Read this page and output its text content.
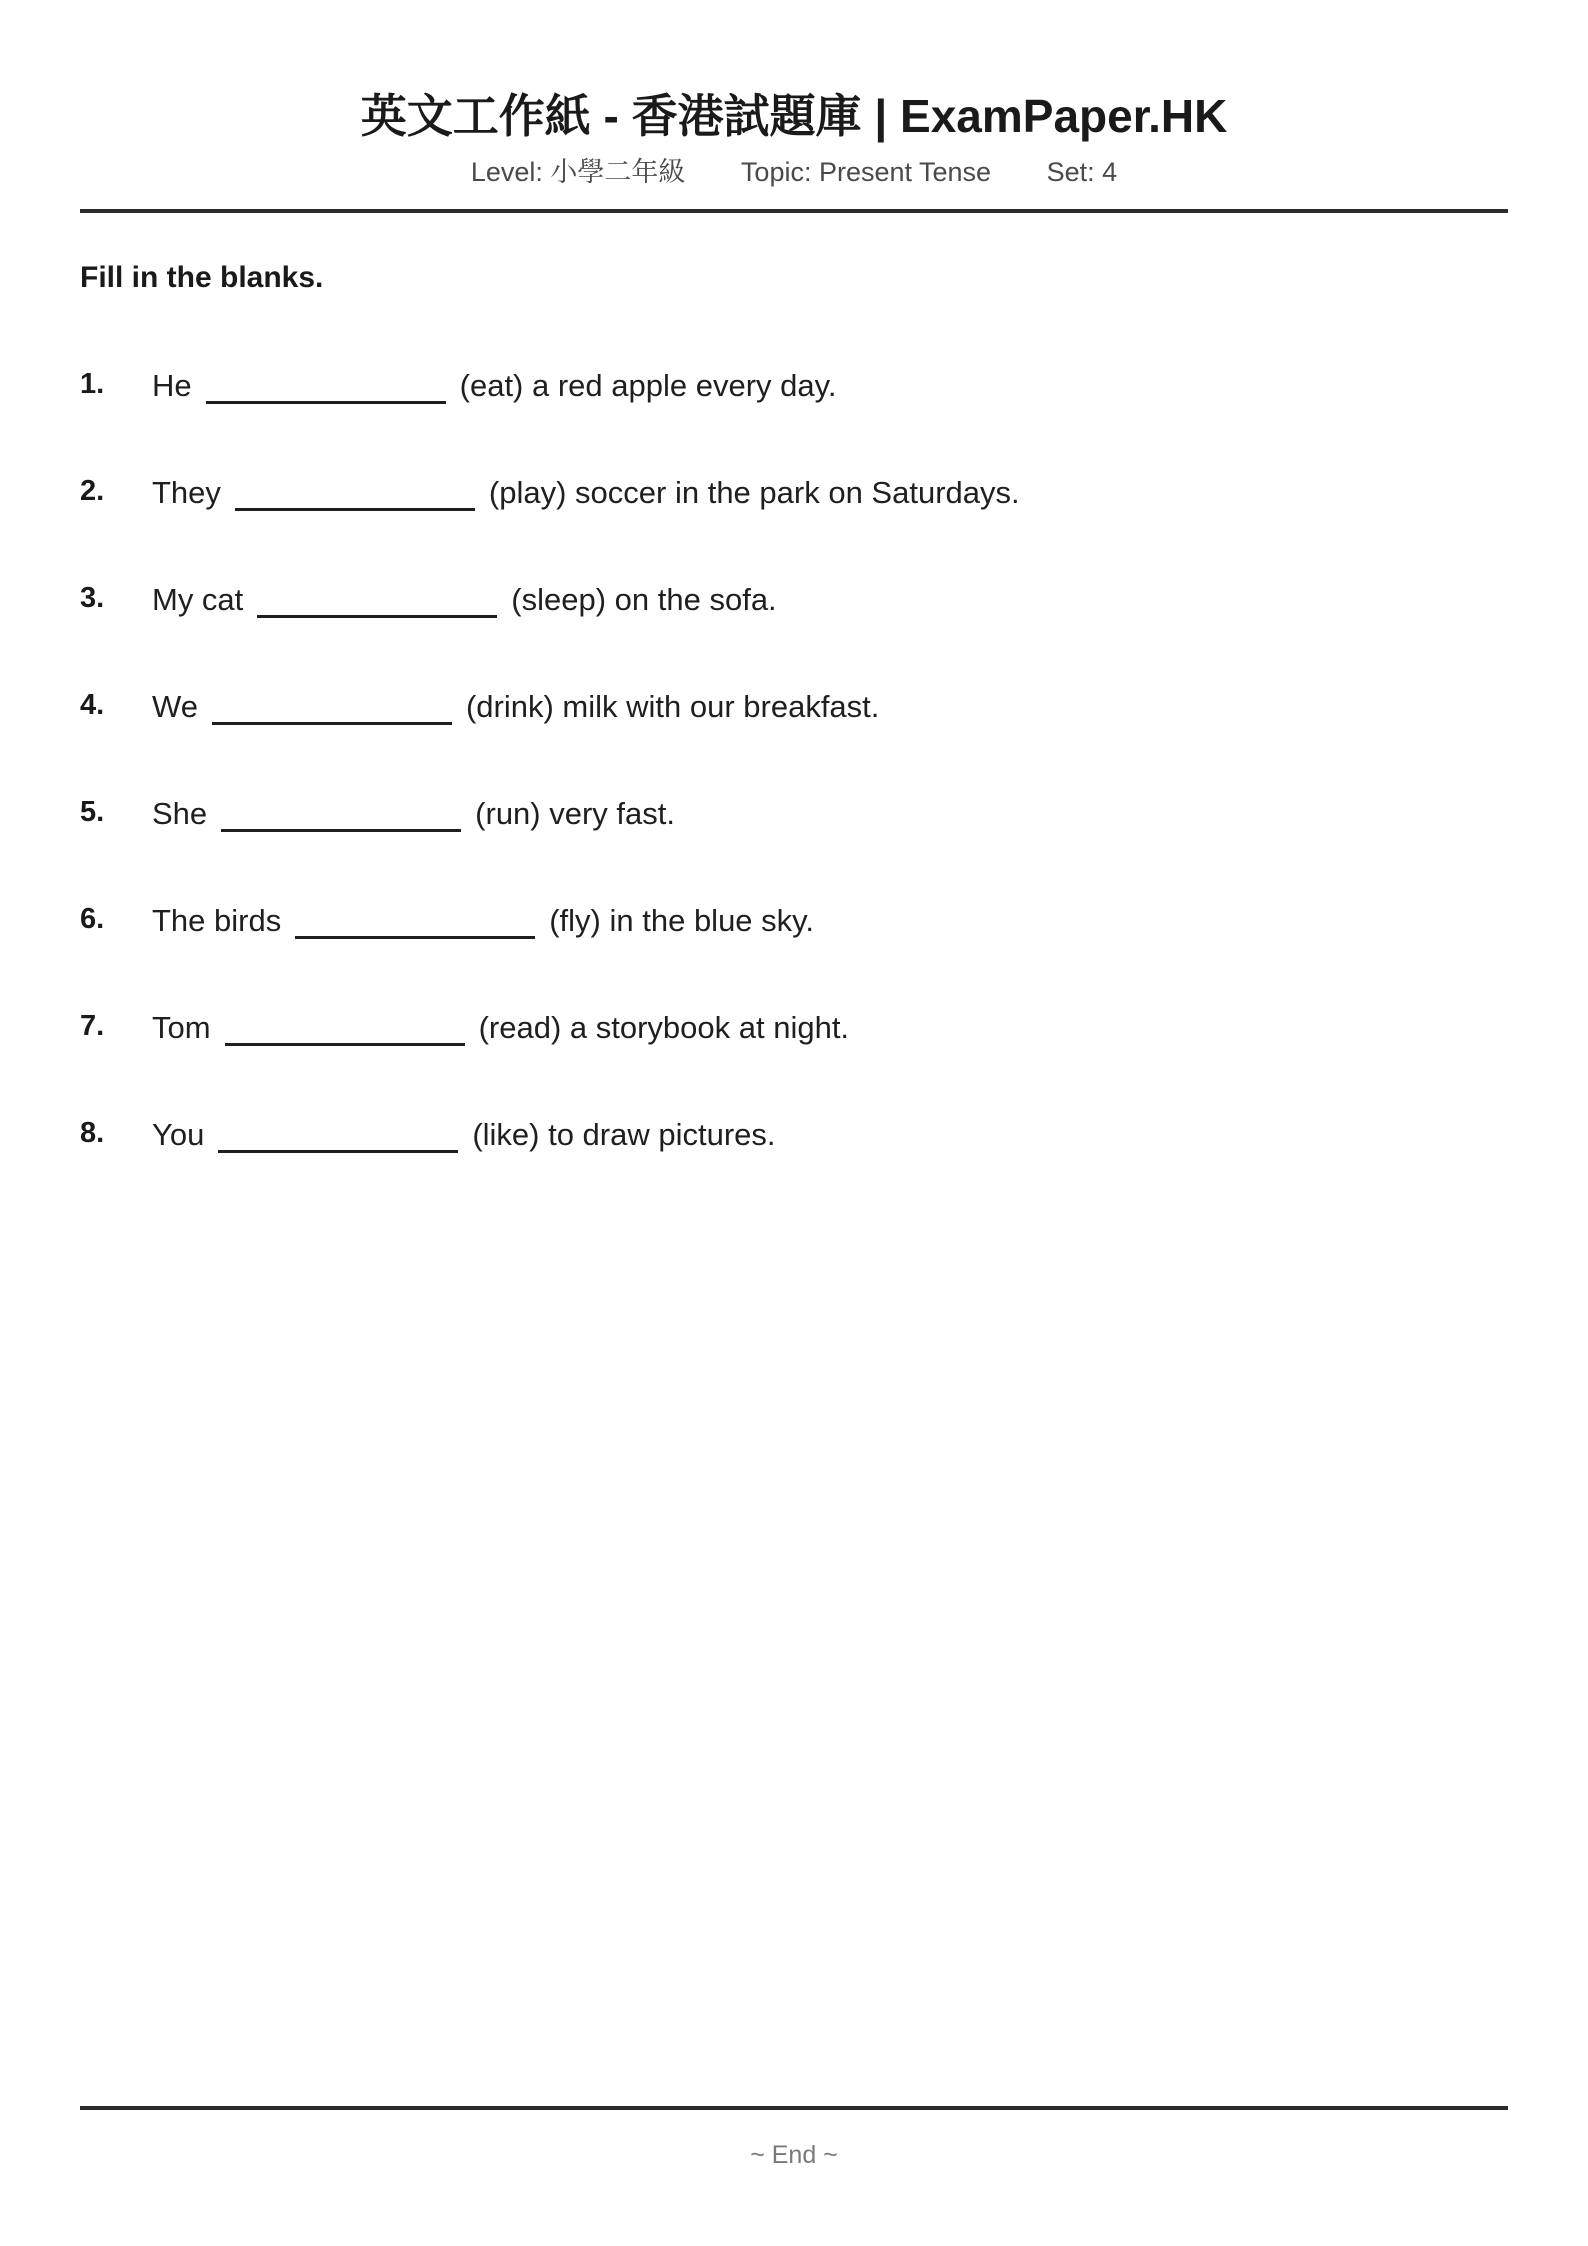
英文工作紙 - 香港試題庫 | ExamPaper.HK
Level: 小學二年級 Topic: Present Tense Set: 4
Fill in the blanks.
1. He	(eat) a red apple every day.
2. They	(play) soccer in the park on Saturdays.
3. My cat	(sleep) on the sofa.
4. We	(drink) milk with our breakfast.
5. She	(run) very fast.
6. The birds	(fly) in the blue sky.
7. Tom	(read) a storybook at night.
8. You	(like) to draw pictures.
~ End ~
